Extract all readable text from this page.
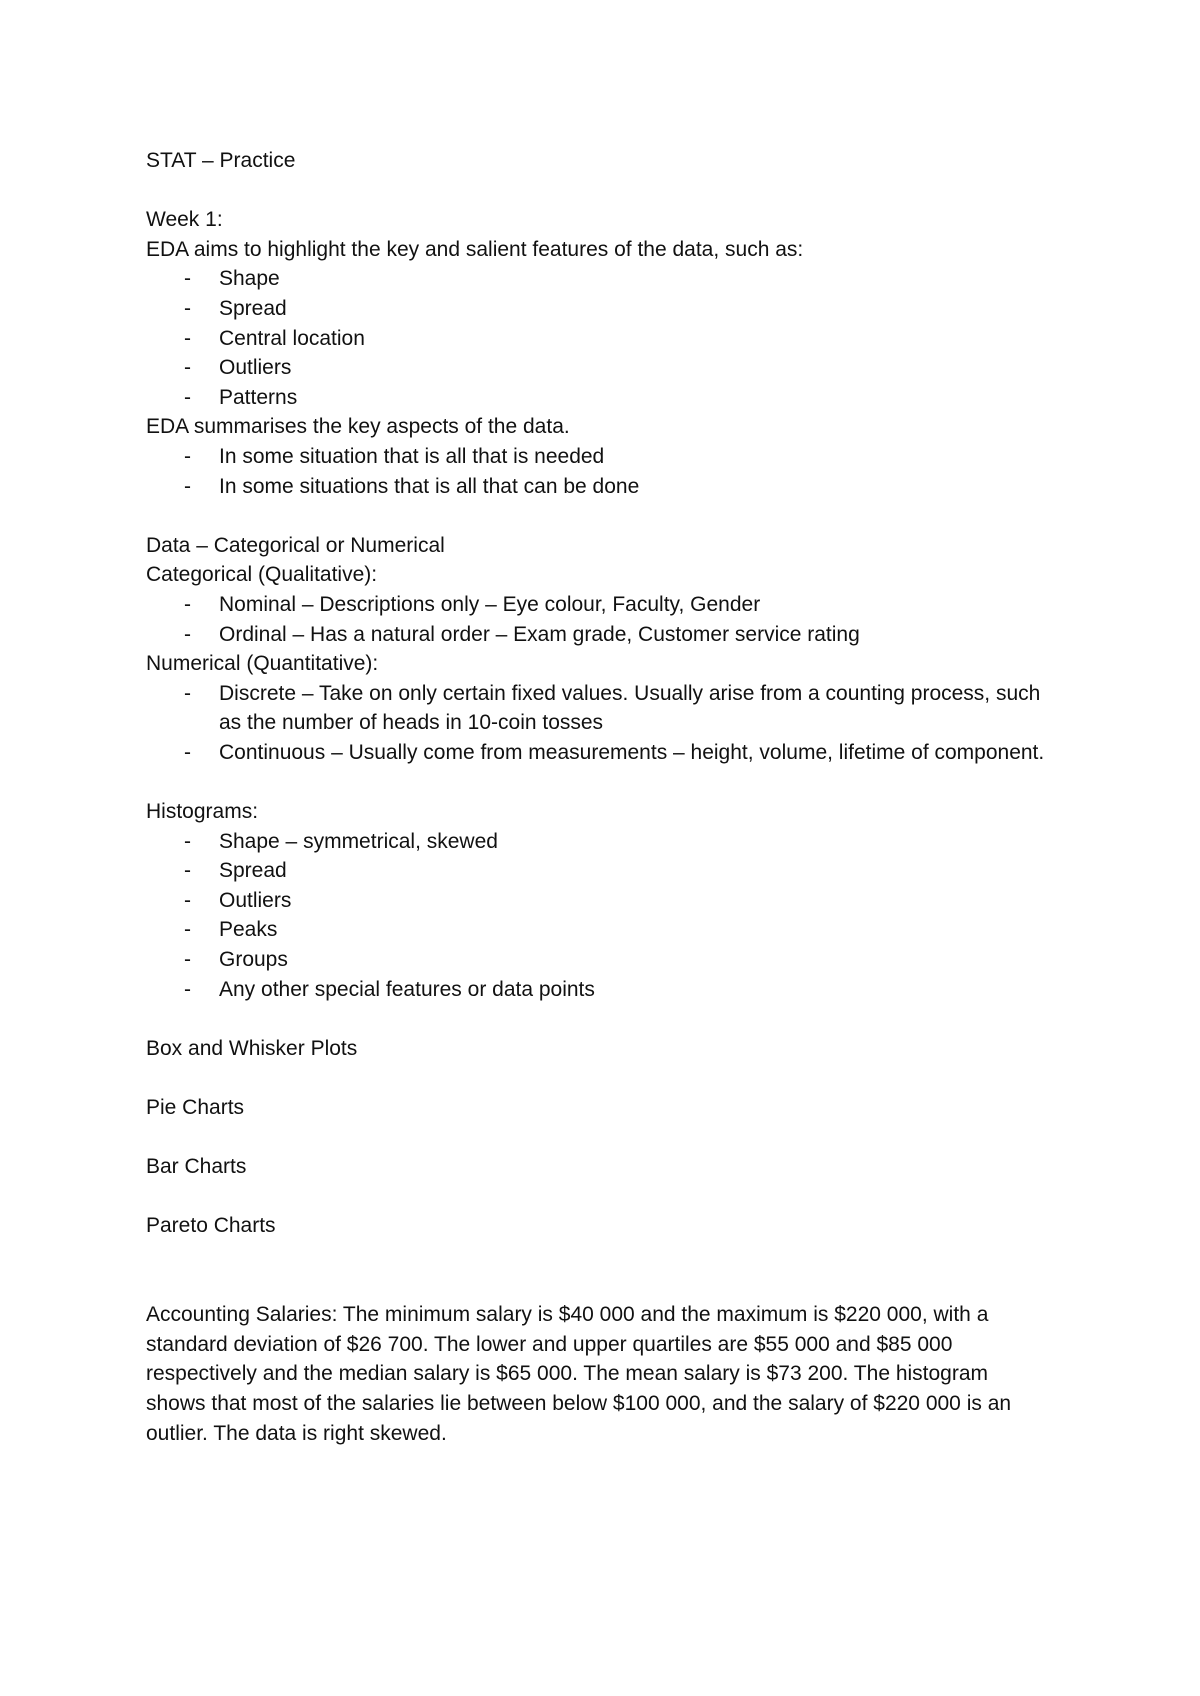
STAT – Practice

Week 1:

EDA aims to highlight the key and salient features of the data, such as:

- Shape
- Spread
- Central location
- Outliers
- Patterns

EDA summarises the key aspects of the data.

- In some situation that is all that is needed
- In some situations that is all that can be done

Data – Categorical or Numerical

Categorical (Qualitative):

- Nominal – Descriptions only – Eye colour, Faculty, Gender
- Ordinal – Has a natural order – Exam grade, Customer service rating

Numerical (Quantitative):

- Discrete – Take on only certain fixed values. Usually arise from a counting process, such as the number of heads in 10-coin tosses
- Continuous – Usually come from measurements – height, volume, lifetime of component.

Histograms:

- Shape – symmetrical, skewed
- Spread
- Outliers
- Peaks
- Groups
- Any other special features or data points

Box and Whisker Plots

Pie Charts

Bar Charts

Pareto Charts

Accounting Salaries: The minimum salary is $40 000 and the maximum is $220 000, with a standard deviation of $26 700. The lower and upper quartiles are $55 000 and $85 000 respectively and the median salary is $65 000. The mean salary is $73 200. The histogram shows that most of the salaries lie between below $100 000, and the salary of $220 000 is an outlier. The data is right skewed.
